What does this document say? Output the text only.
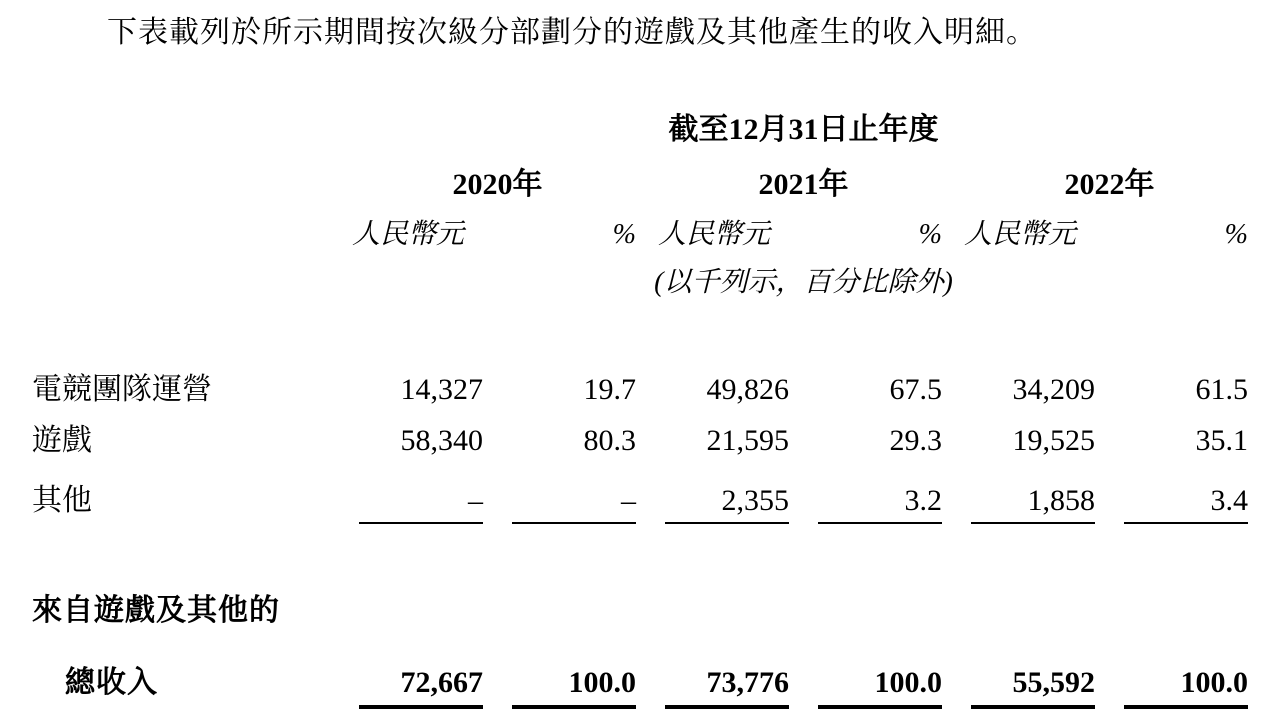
下表載列於所示期間按次級分部劃分的遊戲及其他產生的收入明細。

	截至12月31日止年度					
	2020年		2021年		2022年	
	人民幣元	%	人民幣元	%	人民幣元	%
	(以千列示，百分比除外)					

電競團隊運營	14,327	19.7	49,826	67.5	34,209	61.5
遊戲	58,340	80.3	21,595	29.3	19,525	35.1
其他	–	–	2,355	3.2	1,858	3.4

來自遊戲及其他的						
總收入	72,667	100.0	73,776	100.0	55,592	100.0
